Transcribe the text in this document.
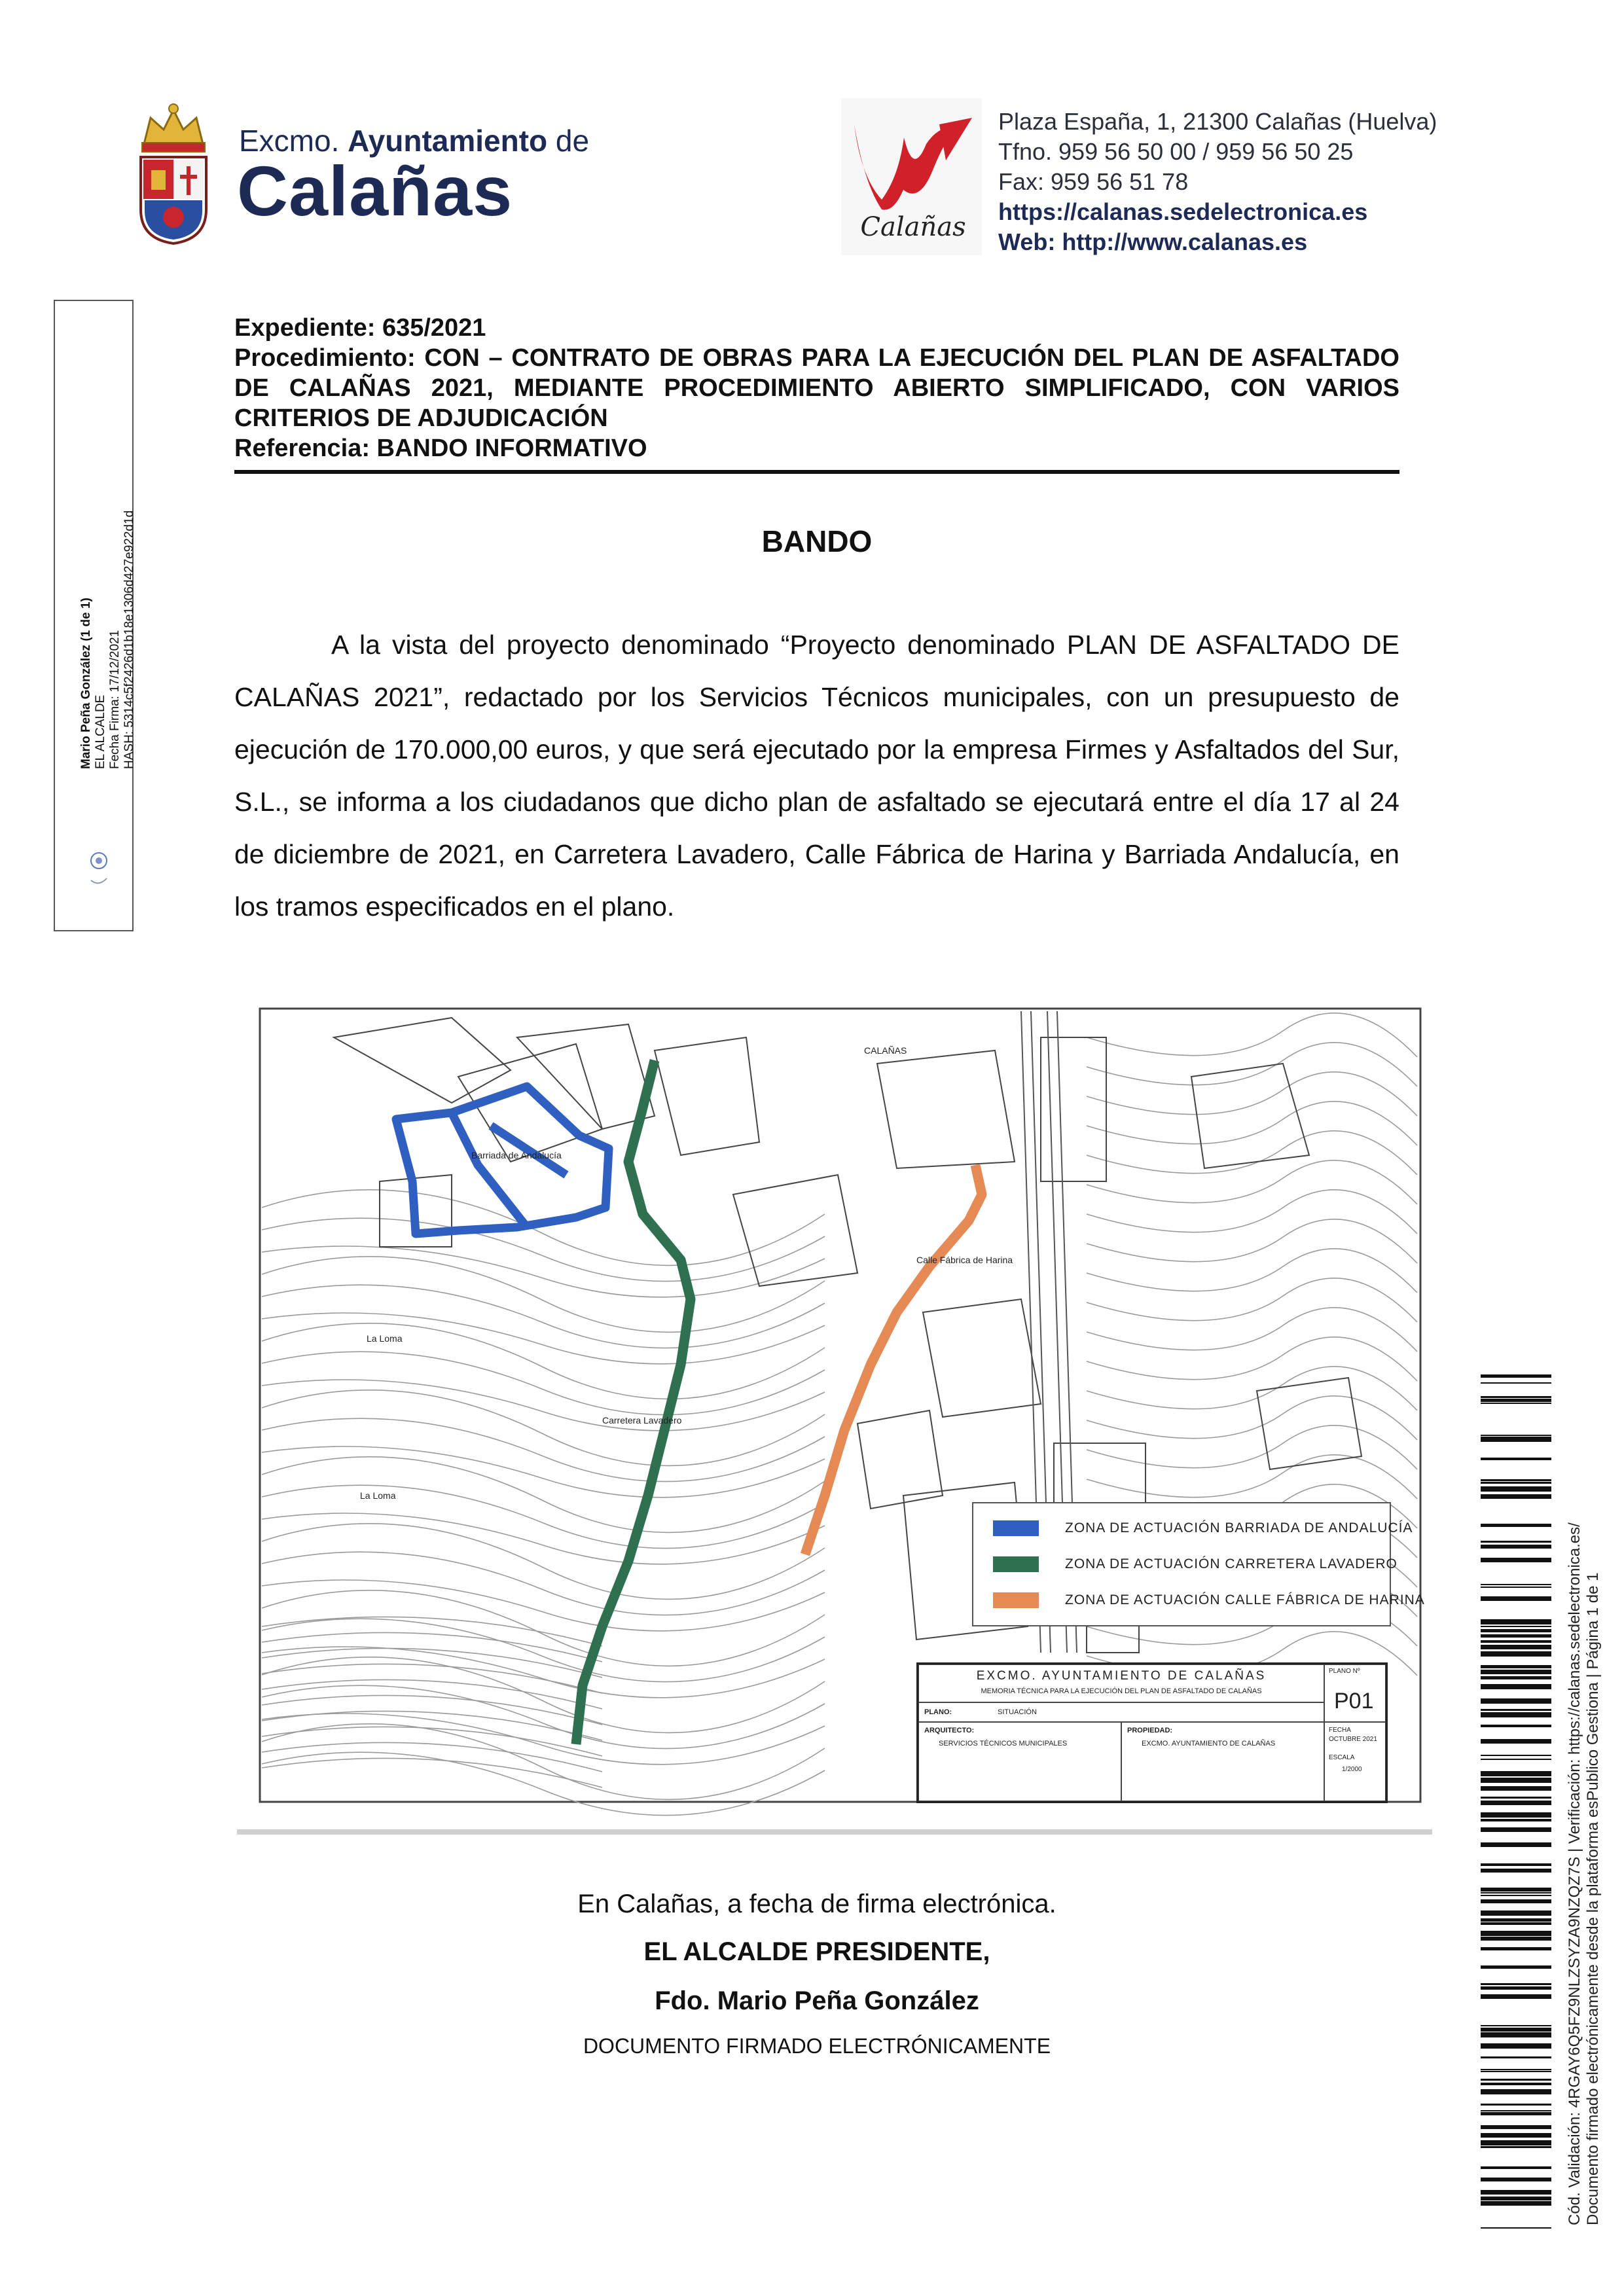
Excmo. Ayuntamiento de
Calañas	Calañas
Plaza España, 1, 21300 Calañas (Huelva)
Tfno. 959 56 50 00 / 959 56 50 25
Fax: 959 56 51 78
https://calanas.sedelectronica.es
Web: http://www.calanas.es
Mario Peña González (1 de 1) EL ALCALDE Fecha Firma: 17/12/2021 HASH: 5314c5f2426d1b18e1306d427e922d1d
Cód. Validación: 4RGAY6Q5FZ9NLZSYZA9NZQZ7S | Verificación: https://calanas.sedelectronica.es/ Documento firmado electrónicamente desde la plataforma esPublico Gestiona | Página 1 de 1
Expediente: 635/2021
Procedimiento: CON – CONTRATO DE OBRAS PARA LA EJECUCIÓN DEL PLAN DE ASFALTADO DE CALAÑAS 2021, MEDIANTE PROCEDIMIENTO ABIERTO SIMPLIFICADO, CON VARIOS CRITERIOS DE ADJUDICACIÓN
Referencia: BANDO INFORMATIVO
BANDO
A la vista del proyecto denominado “Proyecto denominado PLAN DE ASFALTADO DE CALAÑAS 2021”, redactado por los Servicios Técnicos municipales, con un presupuesto de ejecución de 170.000,00 euros, y que será ejecutado por la empresa Firmes y Asfaltados del Sur, S.L., se informa a los ciudadanos que dicho plan de asfaltado se ejecutará entre el día 17 al 24 de diciembre de 2021, en Carretera Lavadero, Calle Fábrica de Harina y Barriada Andalucía, en los tramos especificados en el plano.
CALAÑAS
Barriada de Andalucía
Calle Fábrica de Harina
Carretera Lavadero
La Loma
La Loma
ZONA DE ACTUACIÓN BARRIADA DE ANDALUCÍA
ZONA DE ACTUACIÓN CARRETERA LAVADERO
ZONA DE ACTUACIÓN CALLE FÁBRICA DE HARINA
EXCMO. AYUNTAMIENTO DE CALAÑAS
MEMORIA TÉCNICA PARA LA EJECUCIÓN DEL PLAN DE ASFALTADO DE CALAÑAS
PLANO:	SITUACIÓN
PLANO Nº
P01
ARQUITECTO:
SERVICIOS TÉCNICOS MUNICIPALES
PROPIEDAD:
EXCMO. AYUNTAMIENTO DE CALAÑAS
FECHA
OCTUBRE 2021
ESCALA
1/2000
En Calañas, a fecha de firma electrónica.
EL ALCALDE PRESIDENTE,
Fdo. Mario Peña González
DOCUMENTO FIRMADO ELECTRÓNICAMENTE
